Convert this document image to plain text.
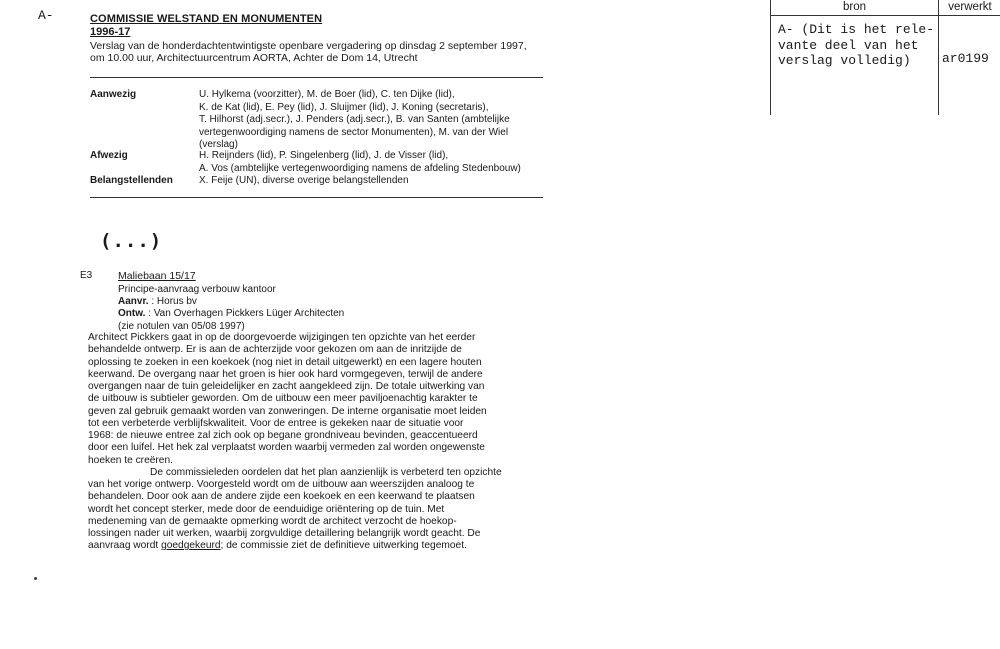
A-	COMMISSIE WELSTAND EN MONUMENTEN
1996-17
Verslag van de honderdachtentwintigste openbare vergadering op dinsdag 2 september 1997,
om 10.00 uur, Architectuurcentrum AORTA, Achter de Dom 14, Utrecht
Aanwezig	U. Hylkema (voorzitter), M. de Boer (lid), C. ten Dijke (lid),
K. de Kat (lid), E. Pey (lid), J. Sluijmer (lid), J. Koning (secretaris),
T. Hilhorst (adj.secr.), J. Penders (adj.secr.), B. van Santen (ambtelijke
vertegenwoordiging namens de sector Monumenten), M. van der Wiel
(verslag)
Afwezig	H. Reijnders (lid), P. Singelenberg (lid), J. de Visser (lid),
A. Vos (ambtelijke vertegenwoordiging namens de afdeling Stedenbouw)
Belangstellenden	X. Feije (UN), diverse overige belangstellenden
(...)
E3 Maliebaan 15/17
Principe-aanvraag verbouw kantoor
Aanvr. : Horus bv
Ontw. : Van Overhagen Pickkers Lüger Architecten
(zie notulen van 05/08 1997)
Architect Pickkers gaat in op de doorgevoerde wijzigingen ten opzichte van het eerder
behandelde ontwerp. Er is aan de achterzijde voor gekozen om aan de inritzijde de
oplossing te zoeken in een koekoek (nog niet in detail uitgewerkt) en een lagere houten
keerwand. De overgang naar het groen is hier ook hard vormgegeven, terwijl de andere
overgangen naar de tuin geleidelijker en zacht aangekleed zijn. De totale uitwerking van
de uitbouw is subtieler geworden. Om de uitbouw een meer paviljoenachtig karakter te
geven zal gebruik gemaakt worden van zonweringen. De interne organisatie moet leiden
tot een verbeterde verblijfskwaliteit. Voor de entree is gekeken naar de situatie voor
1968: de nieuwe entree zal zich ook op begane grondniveau bevinden, geaccentueerd
door een luifel. Het hek zal verplaatst worden waarbij vermeden zal worden ongewenste
hoeken te creëren.
De commissieleden oordelen dat het plan aanzienlijk is verbeterd ten opzichte
van het vorige ontwerp. Voorgesteld wordt om de uitbouw aan weerszijden analoog te
behandelen. Door ook aan de andere zijde een koekoek en een keerwand te plaatsen
wordt het concept sterker, mede door de eenduidige oriëntering op de tuin. Met
medeneming van de gemaakte opmerking wordt de architect verzocht de hoekop-
lossingen nader uit werken, waarbij zorgvuldige detaillering belangrijk wordt geacht. De
aanvraag wordt goedgekeurd; de commissie ziet de definitieve uitwerking tegemoet.
bron	verwerkt
A- (Dit is het rele-
vante deel van het
verslag volledig)	ar0199
